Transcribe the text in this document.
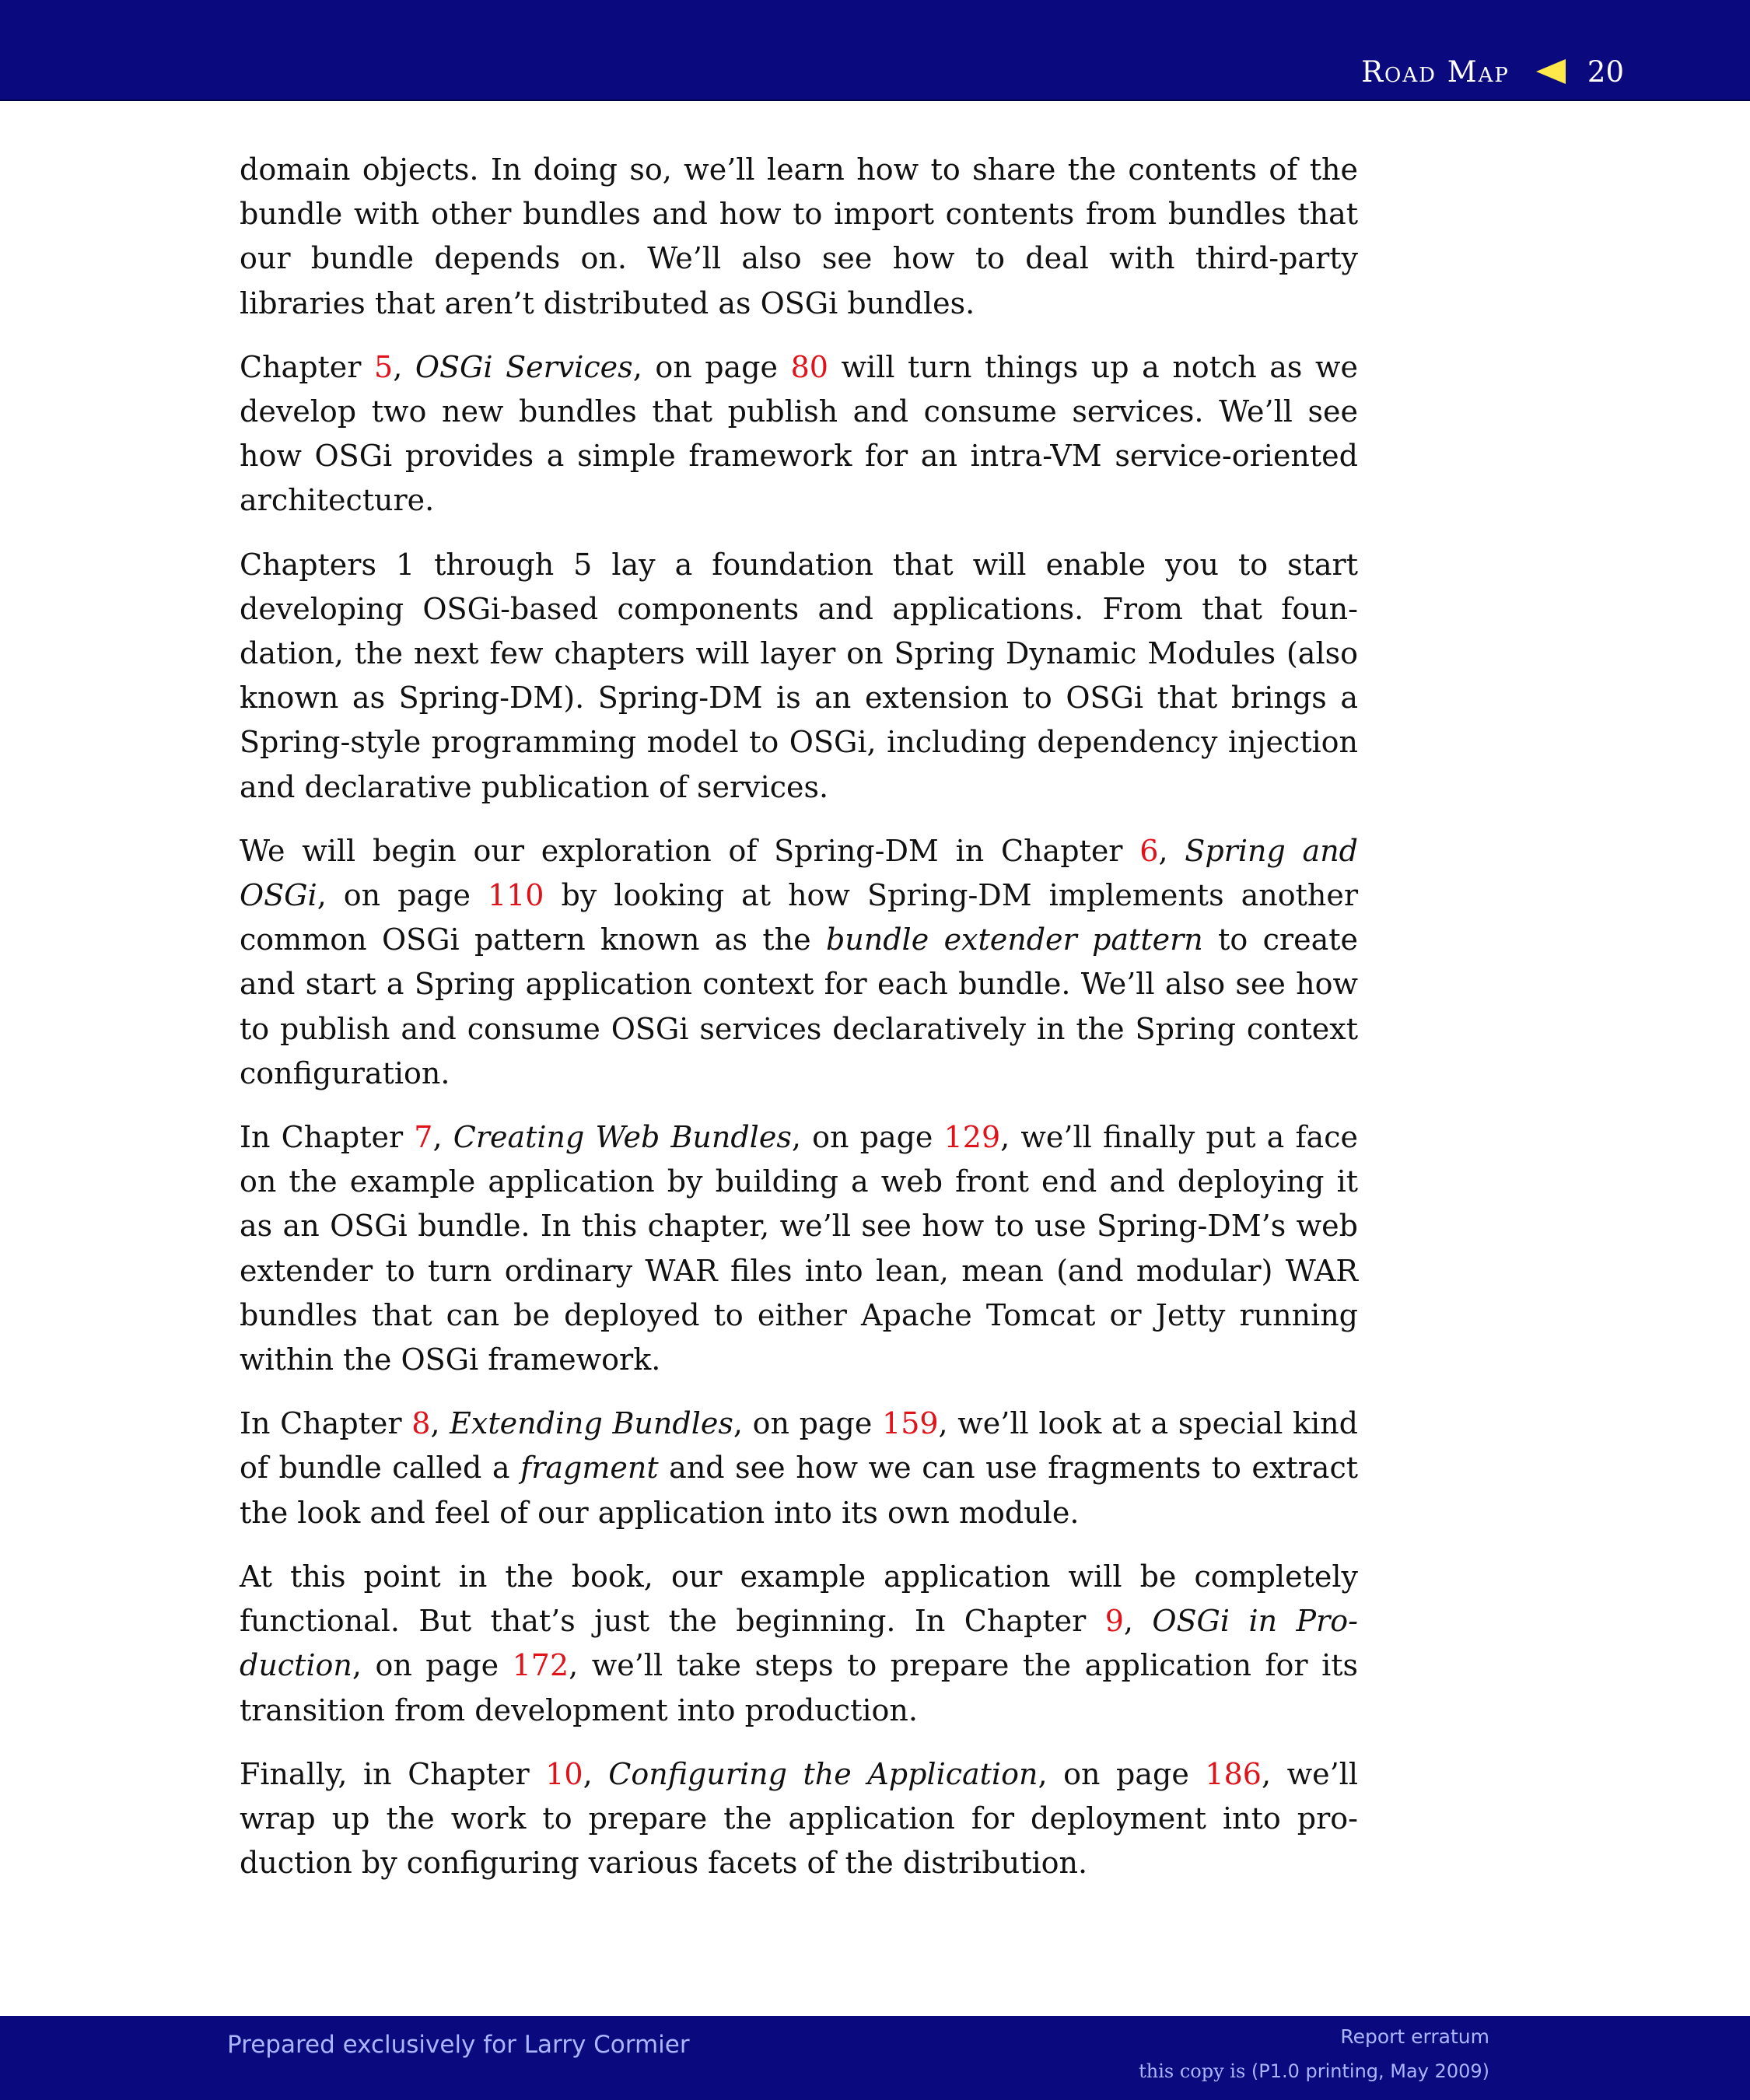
Road Map	20

domain objects. In doing so, we’ll learn how to share the contents of the bundle with other bundles and how to import contents from bundles that our bundle depends on. We’ll also see how to deal with third-party libraries that aren’t distributed as OSGi bundles.

Chapter 5, OSGi Services, on page 80 will turn things up a notch as we develop two new bundles that publish and consume services. We’ll see how OSGi provides a simple framework for an intra-VM service-oriented architecture.

Chapters 1 through 5 lay a foundation that will enable you to start developing OSGi-based components and applications. From that foundation, the next few chapters will layer on Spring Dynamic Modules (also known as Spring-DM). Spring-DM is an extension to OSGi that brings a Spring-style programming model to OSGi, including dependency injection and declarative publication of services.

We will begin our exploration of Spring-DM in Chapter 6, Spring and OSGi, on page 110 by looking at how Spring-DM implements another common OSGi pattern known as the bundle extender pattern to create and start a Spring application context for each bundle. We’ll also see how to publish and consume OSGi services declaratively in the Spring context configuration.

In Chapter 7, Creating Web Bundles, on page 129, we’ll finally put a face on the example application by building a web front end and deploying it as an OSGi bundle. In this chapter, we’ll see how to use Spring-DM’s web extender to turn ordinary WAR files into lean, mean (and modular) WAR bundles that can be deployed to either Apache Tomcat or Jetty running within the OSGi framework.

In Chapter 8, Extending Bundles, on page 159, we’ll look at a special kind of bundle called a fragment and see how we can use fragments to extract the look and feel of our application into its own module.

At this point in the book, our example application will be completely functional. But that’s just the beginning. In Chapter 9, OSGi in Production, on page 172, we’ll take steps to prepare the application for its transition from development into production.

Finally, in Chapter 10, Configuring the Application, on page 186, we’ll wrap up the work to prepare the application for deployment into production by configuring various facets of the distribution.

Prepared exclusively for Larry Cormier	Report erratum
this copy is (P1.0 printing, May 2009)
